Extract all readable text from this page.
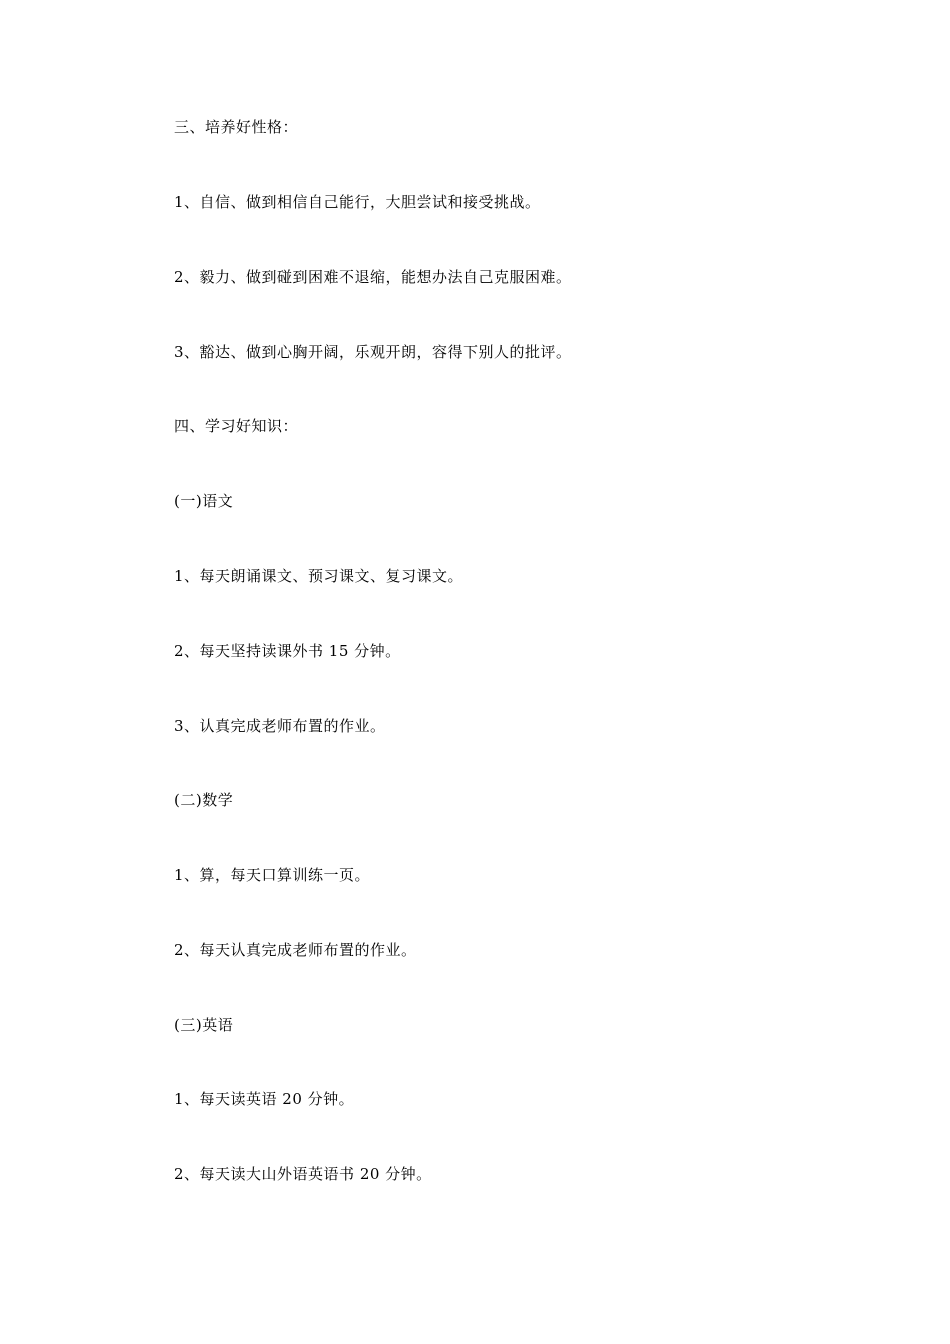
三、培养好性格：

1、自信、做到相信自己能行，大胆尝试和接受挑战。

2、毅力、做到碰到困难不退缩，能想办法自己克服困难。

3、豁达、做到心胸开阔，乐观开朗，容得下别人的批评。

四、学习好知识：

(一)语文

1、每天朗诵课文、预习课文、复习课文。

2、每天坚持读课外书 15 分钟。

3、认真完成老师布置的作业。

(二)数学

1、算，每天口算训练一页。

2、每天认真完成老师布置的作业。

(三)英语

1、每天读英语 20 分钟。

2、每天读大山外语英语书 20 分钟。
